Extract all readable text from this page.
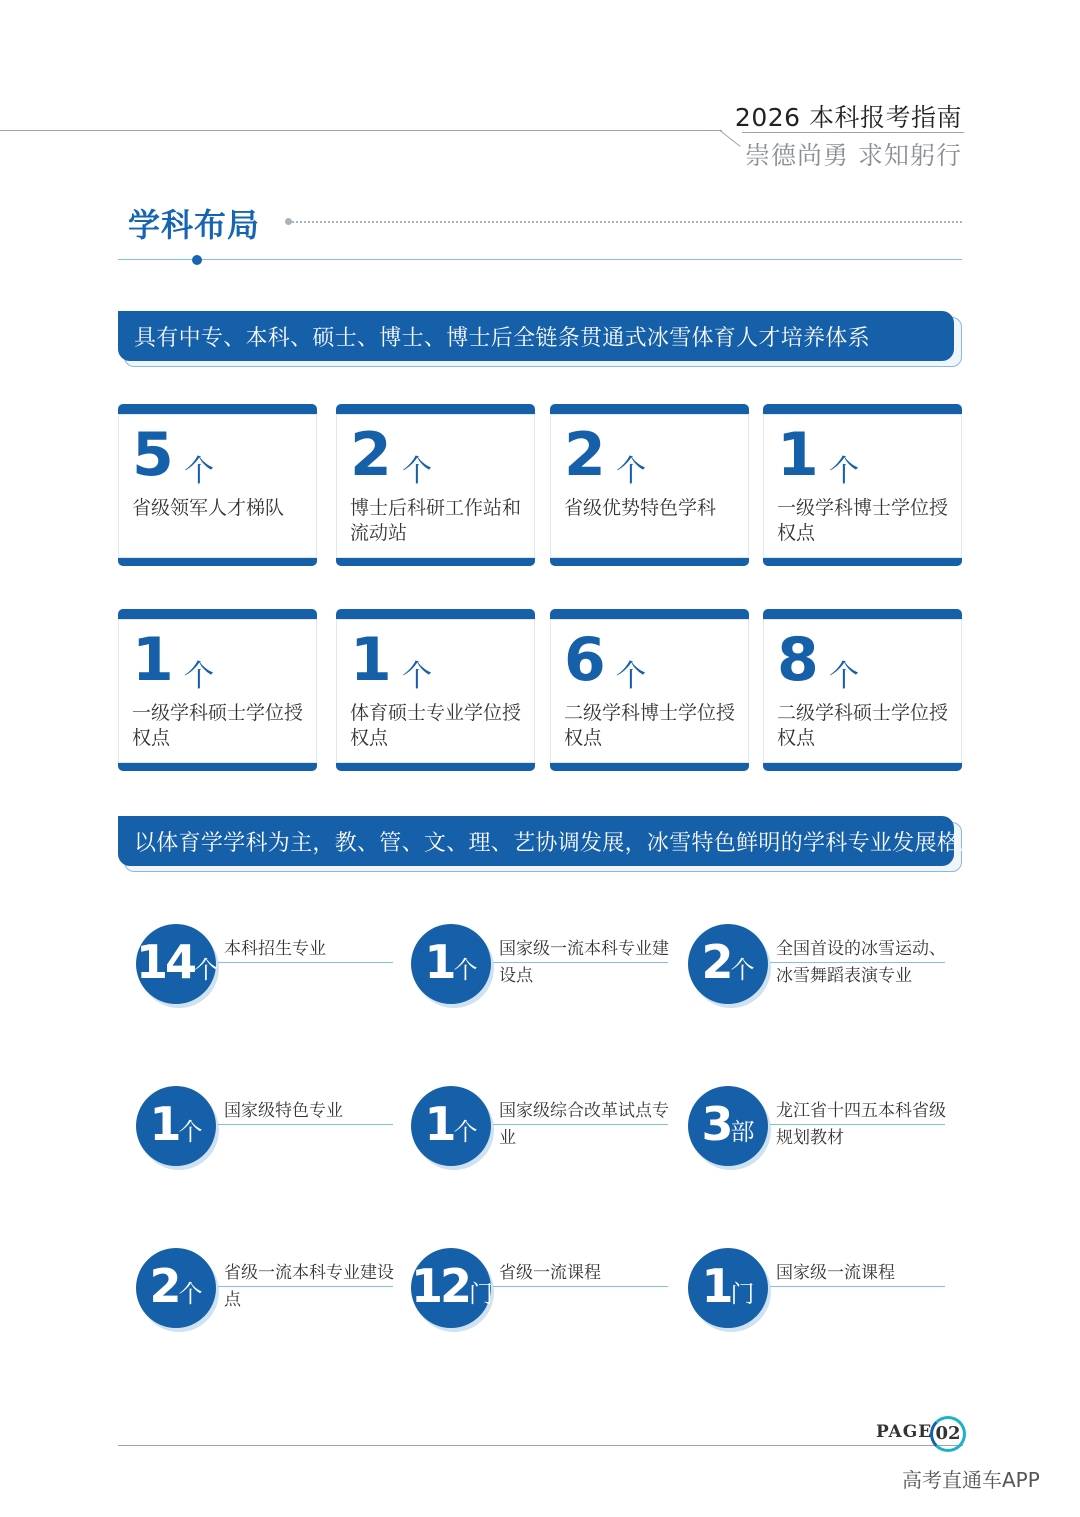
2026 本科报考指南
崇德尚勇 求知躬行
学科布局
具有中专、本科、硕士、博士、博士后全链条贯通式冰雪体育人才培养体系
5 个
省级领军人才梯队
2 个
博士后科研工作站和流动站
2 个
省级优势特色学科
1 个
一级学科博士学位授权点
1 个
一级学科硕士学位授权点
1 个
体育硕士专业学位授权点
6 个
二级学科博士学位授权点
8 个
二级学科硕士学位授权点
以体育学学科为主，教、管、文、理、艺协调发展，冰雪特色鲜明的学科专业发展格局
14个
本科招生专业	1个
国家级一流本科专业建设点	2个
全国首设的冰雪运动、冰雪舞蹈表演专业
1个
国家级特色专业	1个
国家级综合改革试点专业	3部
龙江省十四五本科省级规划教材
2个
省级一流本科专业建设点	12门
省级一流课程	1门
国家级一流课程
PAGE 02
高考直通车APP
